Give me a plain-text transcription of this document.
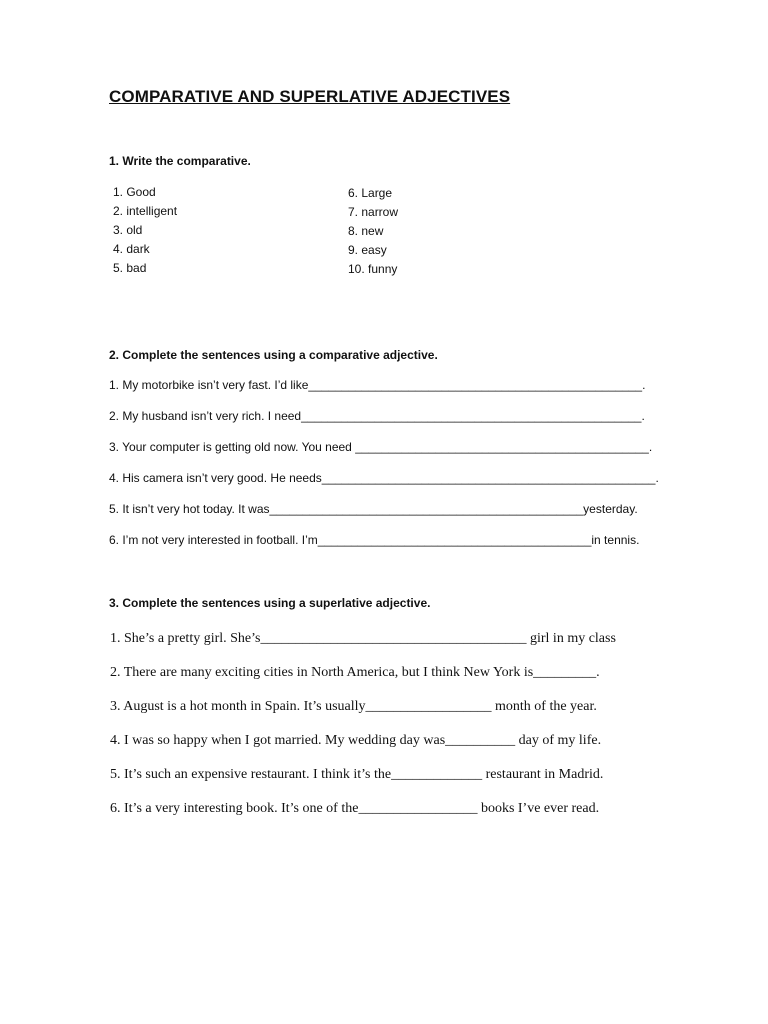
COMPARATIVE AND SUPERLATIVE ADJECTIVES
1. Write the comparative.
1. Good
2. intelligent
3. old
4. dark
5. bad
6. Large
7. narrow
8. new
9. easy
10. funny
2. Complete the sentences using a comparative adjective.
1. My motorbike isn’t very fast. I’d like__________________________________________________.
2. My husband isn’t very rich. I need___________________________________________________.
3. Your computer is getting old now. You need ____________________________________________.
4. His camera isn’t very good. He needs__________________________________________________.
5. It isn’t very hot today. It was_______________________________________________yesterday.
6. I’m not very interested in football. I’m_________________________________________in tennis.
3. Complete the sentences using a superlative adjective.
1. She’s a pretty girl. She’s______________________________________ girl in my class
2. There are many exciting cities in North America, but I think New York is_________.
3. August is a hot month in Spain. It’s usually__________________ month of the year.
4. I was so happy when I got married. My wedding day was__________ day of my life.
5. It’s such an expensive restaurant. I think it’s the_____________ restaurant in Madrid.
6. It’s a very interesting book. It’s one of the_________________ books I’ve ever read.
